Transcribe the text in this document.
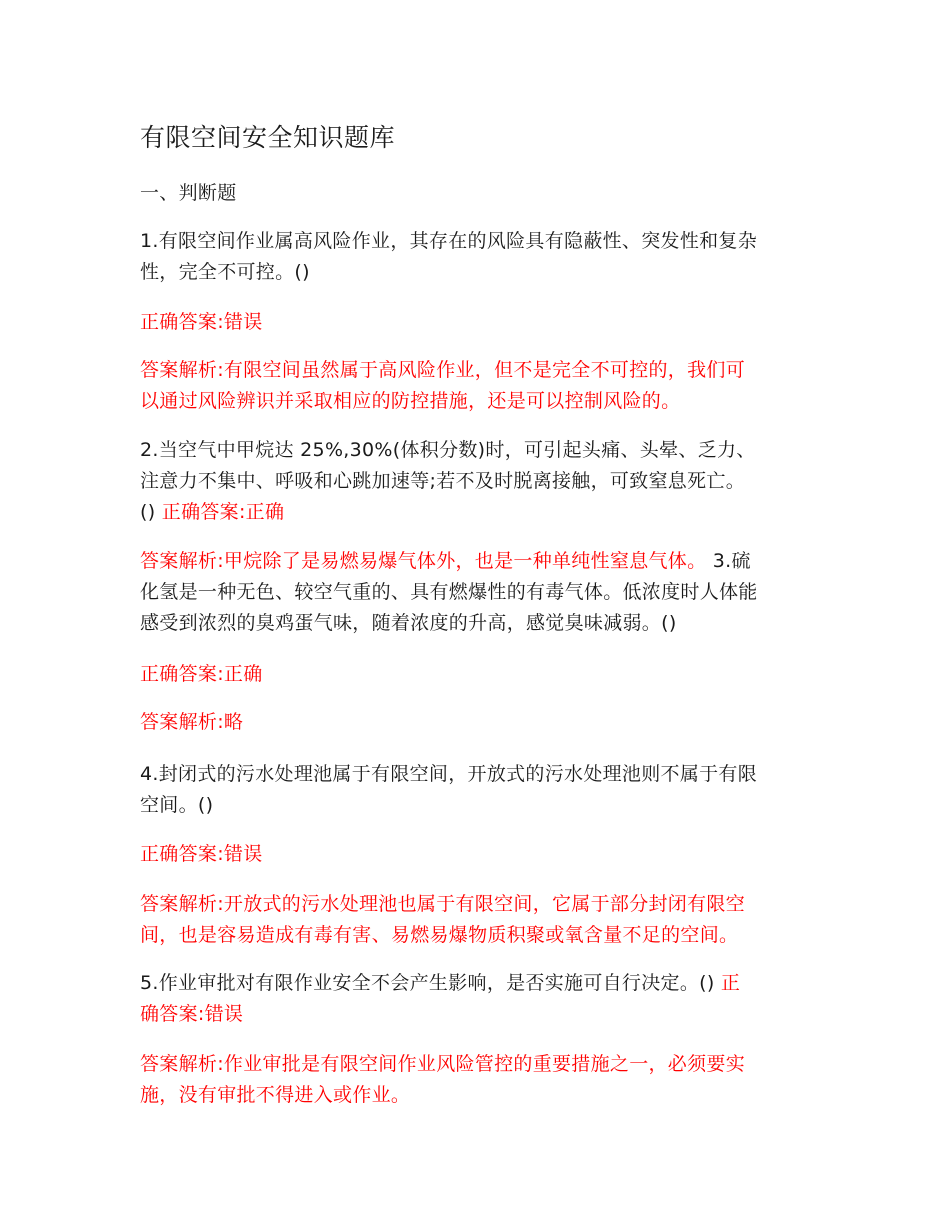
有限空间安全知识题库
一、判断题
1.有限空间作业属高风险作业，其存在的风险具有隐蔽性、突发性和复杂
性，完全不可控。()
正确答案:错误
答案解析:有限空间虽然属于高风险作业，但不是完全不可控的，我们可
以通过风险辨识并采取相应的防控措施，还是可以控制风险的。
2.当空气中甲烷达 25%,30%(体积分数)时，可引起头痛、头晕、乏力、
注意力不集中、呼吸和心跳加速等;若不及时脱离接触，可致窒息死亡。
() 正确答案:正确
答案解析:甲烷除了是易燃易爆气体外，也是一种单纯性窒息气体。 3.硫
化氢是一种无色、较空气重的、具有燃爆性的有毒气体。低浓度时人体能
感受到浓烈的臭鸡蛋气味，随着浓度的升高，感觉臭味减弱。()
正确答案:正确
答案解析:略
4.封闭式的污水处理池属于有限空间，开放式的污水处理池则不属于有限
空间。()
正确答案:错误
答案解析:开放式的污水处理池也属于有限空间，它属于部分封闭有限空
间，也是容易造成有毒有害、易燃易爆物质积聚或氧含量不足的空间。
5.作业审批对有限作业安全不会产生影响，是否实施可自行决定。() 正
确答案:错误
答案解析:作业审批是有限空间作业风险管控的重要措施之一，必须要实
施，没有审批不得进入或作业。
